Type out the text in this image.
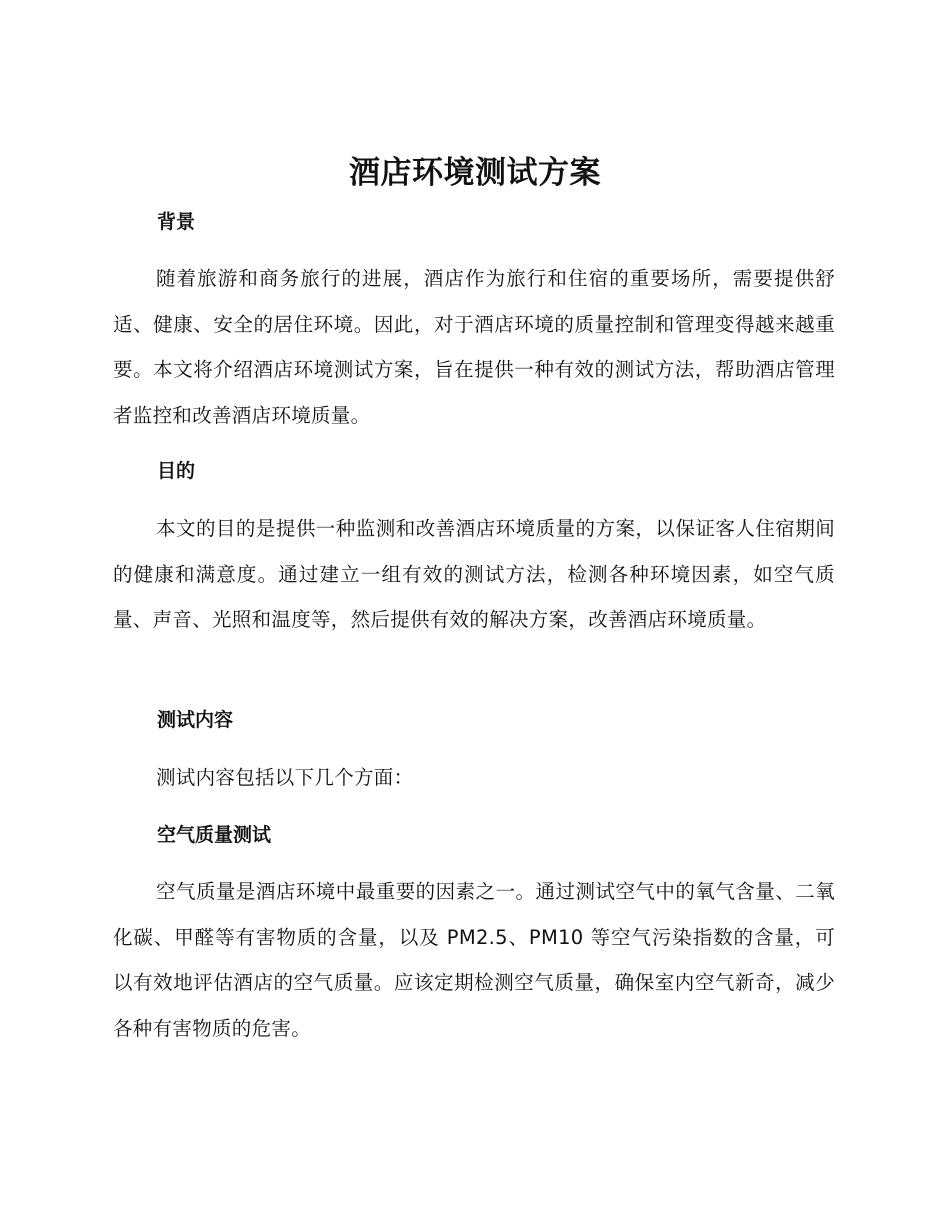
酒店环境测试方案
背景

随着旅游和商务旅行的进展，酒店作为旅行和住宿的重要场所，需要提供舒适、健康、安全的居住环境。因此，对于酒店环境的质量控制和管理变得越来越重要。本文将介绍酒店环境测试方案，旨在提供一种有效的测试方法，帮助酒店管理者监控和改善酒店环境质量。

目的

本文的目的是提供一种监测和改善酒店环境质量的方案，以保证客人住宿期间的健康和满意度。通过建立一组有效的测试方法，检测各种环境因素，如空气质量、声音、光照和温度等，然后提供有效的解决方案，改善酒店环境质量。

测试内容

测试内容包括以下几个方面：

空气质量测试

空气质量是酒店环境中最重要的因素之一。通过测试空气中的氧气含量、二氧化碳、甲醛等有害物质的含量，以及 PM2.5、PM10 等空气污染指数的含量，可以有效地评估酒店的空气质量。应该定期检测空气质量，确保室内空气新奇，减少各种有害物质的危害。
